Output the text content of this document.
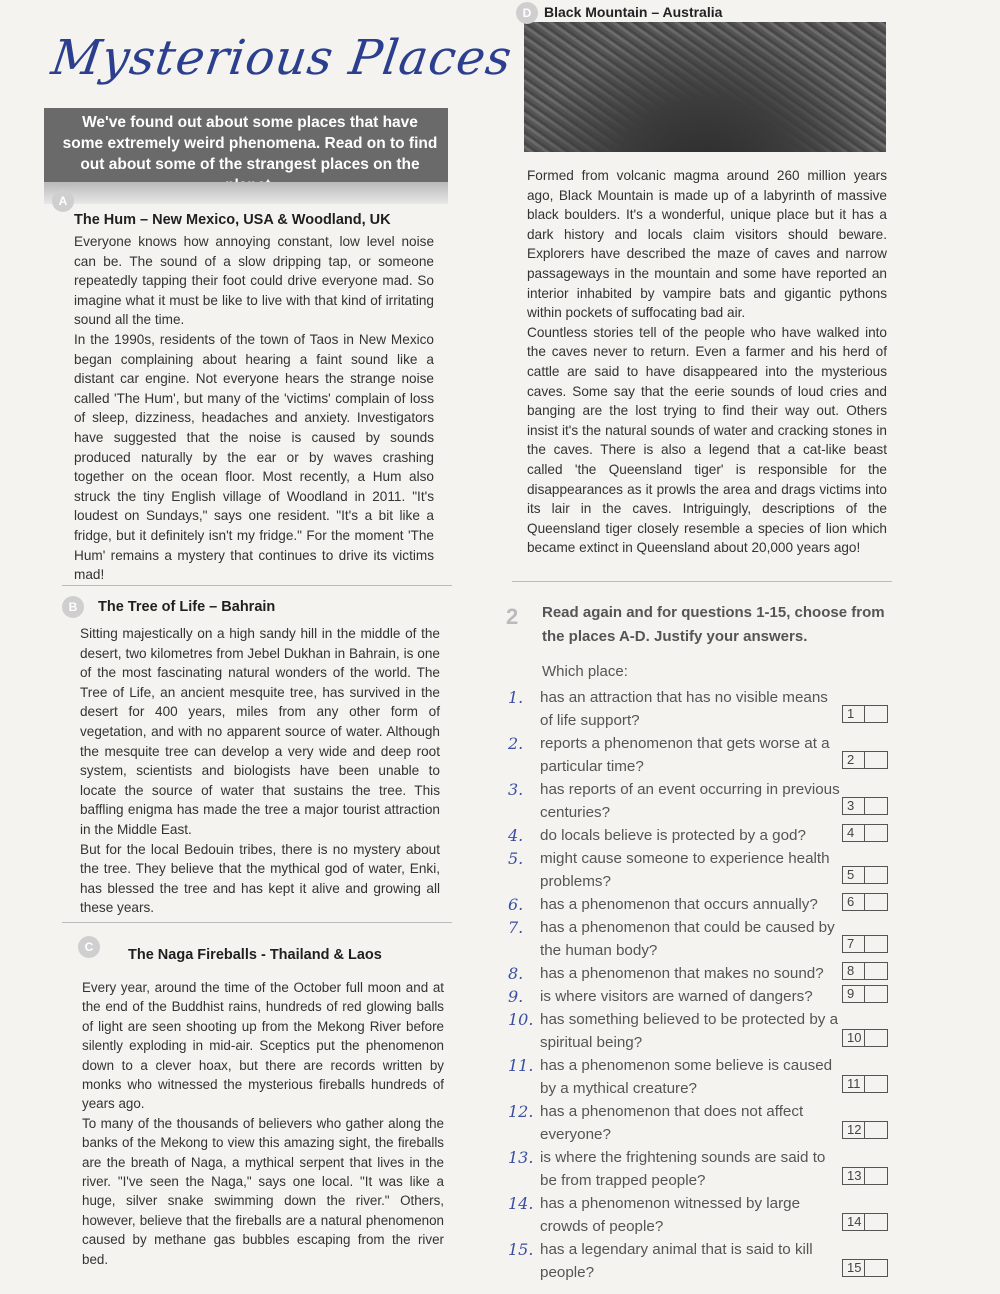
Mysterious Places
We've found out about some places that have some extremely weird phenomena. Read on to find out about some of the strangest places on the
A
The Hum – New Mexico, USA & Woodland, UK

Everyone knows how annoying constant, low level noise can be. The sound of a slow dripping tap, or someone repeatedly tapping their foot could drive everyone mad. So imagine what it must be like to live with that kind of irritating sound all the time.

In the 1990s, residents of the town of Taos in New Mexico began complaining about hearing a faint sound like a distant car engine. Not everyone hears the strange noise called 'The Hum', but many of the 'victims' complain of loss of sleep, dizziness, headaches and anxiety. Investigators have suggested that the noise is caused by sounds produced naturally by the ear or by waves crashing together on the ocean floor. Most recently, a Hum also struck the tiny English village of Woodland in 2011. "It's loudest on Sundays," says one resident. "It's a bit like a fridge, but it definitely isn't my fridge." For the moment 'The Hum' remains a mystery that continues to drive its victims mad!

B	The Tree of Life – Bahrain

Sitting majestically on a high sandy hill in the middle of the desert, two kilometres from Jebel Dukhan in Bahrain, is one of the most fascinating natural wonders of the world. The Tree of Life, an ancient mesquite tree, has survived in the desert for 400 years, miles from any other form of vegetation, and with no apparent source of water. Although the mesquite tree can develop a very wide and deep root system, scientists and biologists have been unable to locate the source of water that sustains the tree. This baffling enigma has made the tree a major tourist attraction in the Middle East.

But for the local Bedouin tribes, there is no mystery about the tree. They believe that the mythical god of water, Enki, has blessed the tree and has kept it alive and growing all these years.

C	The Naga Fireballs - Thailand & Laos

Every year, around the time of the October full moon and at the end of the Buddhist rains, hundreds of red glowing balls of light are seen shooting up from the Mekong River before silently exploding in mid-air. Sceptics put the phenomenon down to a clever hoax, but there are records written by monks who witnessed the mysterious fireballs hundreds of years ago.

To many of the thousands of believers who gather along the banks of the Mekong to view this amazing sight, the fireballs are the breath of Naga, a mythical serpent that lives in the river. "I've seen the Naga," says one local. "It was like a huge, silver snake swimming down the river." Others, however, believe that the fireballs are a natural phenomenon caused by methane gas bubbles escaping from the river bed.

D Black Mountain – Australia

Formed from volcanic magma around 260 million years ago, Black Mountain is made up of a labyrinth of massive black boulders. It's a wonderful, unique place but it has a dark history and locals claim visitors should beware. Explorers have described the maze of caves and narrow passageways in the mountain and some have reported an interior inhabited by vampire bats and gigantic pythons within pockets of suffocating bad air.

Countless stories tell of the people who have walked into the caves never to return. Even a farmer and his herd of cattle are said to have disappeared into the mysterious caves. Some say that the eerie sounds of loud cries and banging are the lost trying to find their way out. Others insist it's the natural sounds of water and cracking stones in the caves. There is also a legend that a cat-like beast called 'the Queensland tiger' is responsible for the disappearances as it prowls the area and drags victims into its lair in the caves. Intriguingly, descriptions of the Queensland tiger closely resemble a species of lion which became extinct in Queensland about 20,000 years ago!

2 Read again and for questions 1-15, choose from the places A-D. Justify your answers.
Which place:
1.	has an attraction that has no visible means of life support?	1
2.	reports a phenomenon that gets worse at a particular time?	2
3.	has reports of an event occurring in previous centuries?	3
4.	do locals believe is protected by a god?	4
5.	might cause someone to experience health problems?	5
6.	has a phenomenon that occurs annually?	6
7.	has a phenomenon that could be caused by the human body?	7
8.	has a phenomenon that makes no sound?	8
9.	is where visitors are warned of dangers?	9
10. has something believed to be protected by a spiritual being?	10
11. has a phenomenon some believe is caused by a mythical creature?	11
12. has a phenomenon that does not affect everyone?	12
13. is where the frightening sounds are said to be from trapped people?	13
14. has a phenomenon witnessed by large crowds of people?	14
15. has a legendary animal that is said to kill people?	15
